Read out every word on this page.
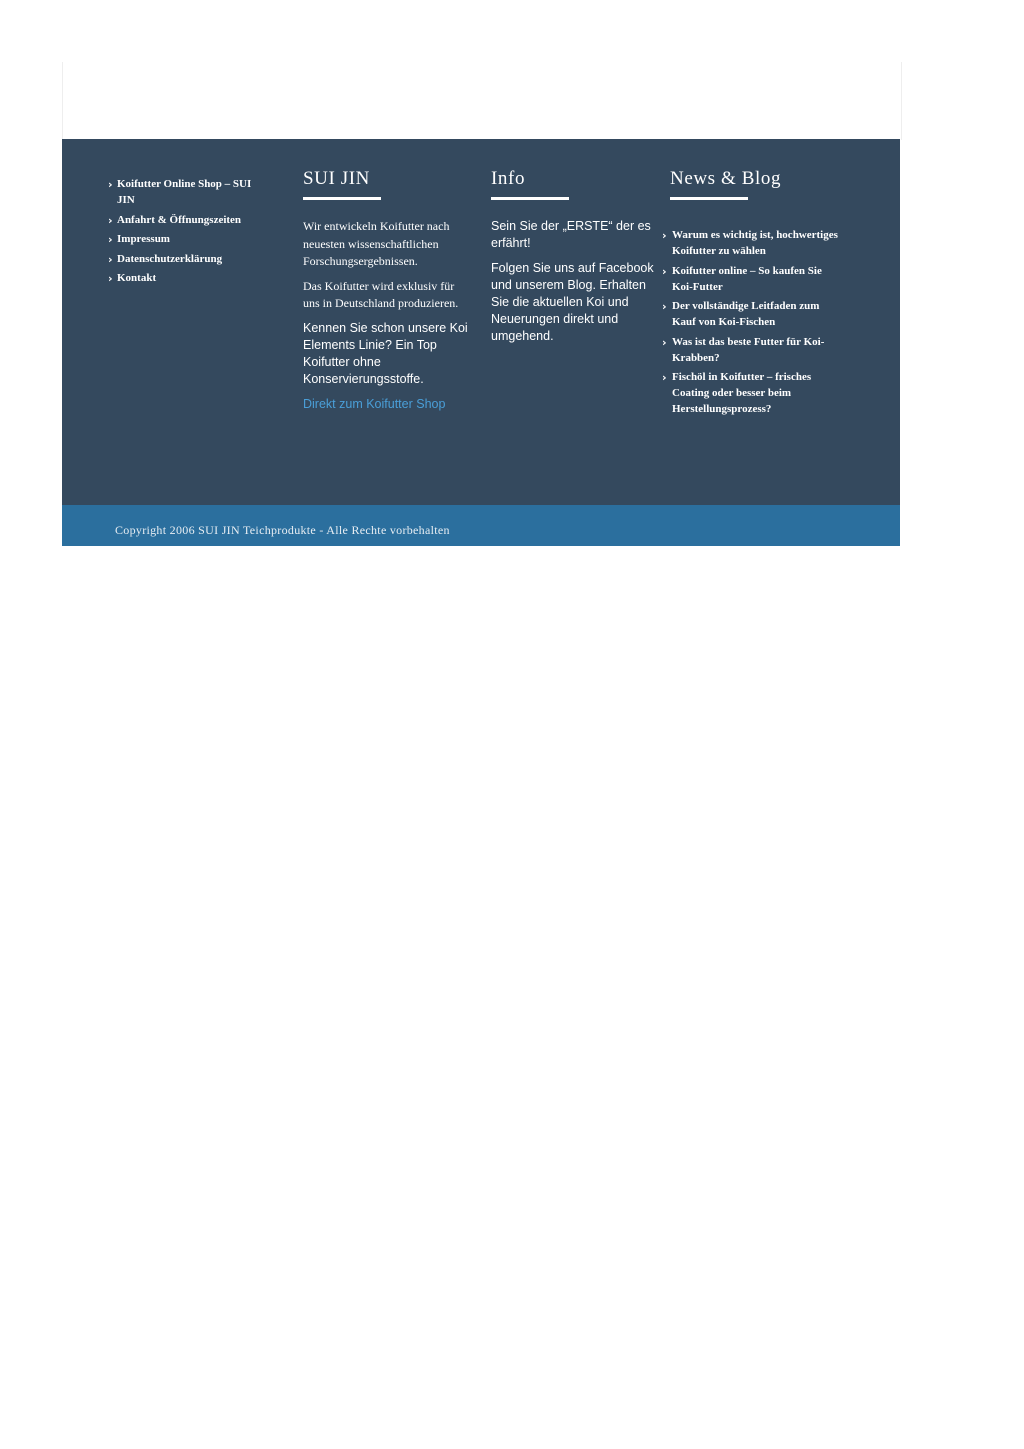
› Koifutter Online Shop – SUI JIN
› Anfahrt & Öffnungszeiten
› Impressum
› Datenschutzerklärung
› Kontakt
SUI JIN

Wir entwickeln Koifutter nach neuesten wissenschaftlichen Forschungsergebnissen.

Das Koifutter wird exklusiv für uns in Deutschland produzieren.

Kennen Sie schon unsere Koi Elements Linie? Ein Top Koifutter ohne Konservierungsstoffe.

Direkt zum Koifutter Shop
Info

Sein Sie der „ERSTE“ der es erfährt!

Folgen Sie uns auf Facebook und unserem Blog. Erhalten Sie die aktuellen Koi und Neuerungen direkt und umgehend.

News & Blog
› Warum es wichtig ist, hochwertiges Koifutter zu wählen
› Koifutter online – So kaufen Sie Koi-Futter
› Der vollständige Leitfaden zum Kauf von Koi-Fischen
› Was ist das beste Futter für Koi-Krabben?
› Fischöl in Koifutter – frisches Coating oder besser beim Herstellungsprozess?
Copyright 2006 SUI JIN Teichprodukte - Alle Rechte vorbehalten
